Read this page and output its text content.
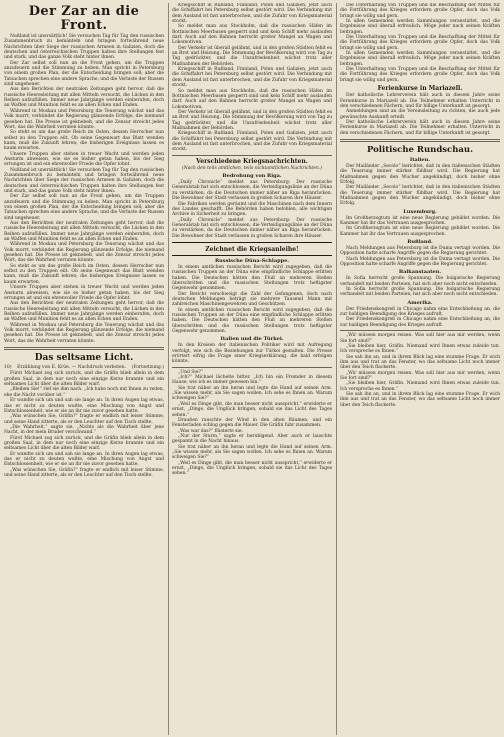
Der Zar an die Front.

Nußland ist unersättlich! Sie versuchen Tag für Tag den russischen Zusammenbruch zu bemänteln und bringen fortwährend neue Nachrichten über Siege der russischen Armeen in Galizien, doch die deutschen und österreichischen Truppen halten ihre Stellungen fest und stark, und das ganze Volk steht hinter ihnen.

Der Zar selbst soll nun an die Front gehen, um die Truppen anzufeuern und die Stimmung zu heben. Man spricht in Petersburg von einem großen Plan, der die Entscheidung bringen soll; aber die Tatsachen sprechen eine andere Sprache, und die Verluste der Russen sind ungeheuer.

Aus den Berichten der neutralen Zeitungen geht hervor, daß die russische Heeresleitung mit allen Mitteln versucht, die Lücken in den Reihen aufzufüllen. Immer neue Jahrgänge werden einberufen, doch an Waffen und Munition fehlt es an allen Ecken und Enden.

Während in Moskau und Petersburg die Teuerung wächst und das Volk murrt, verkündet die Regierung glänzende Erfolge, die niemand gesehen hat. Die Presse ist geknebelt, und die Zensur streicht jedes Wort, das die Wahrheit verraten könnte.

So steht es um das große Reich im Osten, dessen Herrscher nun selbst zu den Truppen eilt. Ob seine Gegenwart das Blatt wenden kann, muß die Zukunft lehren; die bisherigen Ereignisse lassen es kaum erwarten.

Unsere Truppen aber stehen in treuer Wacht und werden jeden Ansturm abweisen, wie sie es bisher getan haben, bis der Sieg errungen ist und ein ehrenvoller Friede die Opfer lohnt.

Nußland ist unersättlich! Sie versuchen Tag für Tag den russischen Zusammenbruch zu bemänteln und bringen fortwährend neue Nachrichten über Siege der russischen Armeen in Galizien, doch die deutschen und österreichischen Truppen halten ihre Stellungen fest und stark, und das ganze Volk steht hinter ihnen.

Der Zar selbst soll nun an die Front gehen, um die Truppen anzufeuern und die Stimmung zu heben. Man spricht in Petersburg von einem großen Plan, der die Entscheidung bringen soll; aber die Tatsachen sprechen eine andere Sprache, und die Verluste der Russen sind ungeheuer.

Aus den Berichten der neutralen Zeitungen geht hervor, daß die russische Heeresleitung mit allen Mitteln versucht, die Lücken in den Reihen aufzufüllen. Immer neue Jahrgänge werden einberufen, doch an Waffen und Munition fehlt es an allen Ecken und Enden.

Während in Moskau und Petersburg die Teuerung wächst und das Volk murrt, verkündet die Regierung glänzende Erfolge, die niemand gesehen hat. Die Presse ist geknebelt, und die Zensur streicht jedes Wort, das die Wahrheit verraten könnte.

So steht es um das große Reich im Osten, dessen Herrscher nun selbst zu den Truppen eilt. Ob seine Gegenwart das Blatt wenden kann, muß die Zukunft lehren; die bisherigen Ereignisse lassen es kaum erwarten.

Unsere Truppen aber stehen in treuer Wacht und werden jeden Ansturm abweisen, wie sie es bisher getan haben, bis der Sieg errungen ist und ein ehrenvoller Friede die Opfer lohnt.

Aus den Berichten der neutralen Zeitungen geht hervor, daß die russische Heeresleitung mit allen Mitteln versucht, die Lücken in den Reihen aufzufüllen. Immer neue Jahrgänge werden einberufen, doch an Waffen und Munition fehlt es an allen Ecken und Enden.

Während in Moskau und Petersburg die Teuerung wächst und das Volk murrt, verkündet die Regierung glänzende Erfolge, die niemand gesehen hat. Die Presse ist geknebelt, und die Zensur streicht jedes Wort, das die Wahrheit verraten könnte.

Das seltsame Licht.
10) Erzählung von E. Krüe. — Nachdruck verboten. (Fortsetzung.)

Fürst Michael zog sich zurück, und die Gräfin blieb allein in dem großen Saal, in dem nur noch eine einzige Kerze brannte und ein seltsames Licht über die alten Bilder warf.

„Bleiben Sie!“ rief sie ihm nach. „Ich habe noch mit Ihnen zu reden, ehe die Nacht vorüber ist.“

Er wandte sich um und sah sie lange an. In ihren Augen lag etwas, das er nicht zu deuten wußte, eine Mischung von Angst und Entschlossenheit, wie er sie an ihr nie zuvor gesehen hatte.

„Was wünschen Sie, Gräfin?“ fragte er endlich mit leiser Stimme, und seine Hand zitterte, als er den Leuchter auf den Tisch stellte.

„Die Wahrheit,“ sagte sie. „Nichts als die Wahrheit über jene Nacht, in der mein Bruder verschwand.“

Fürst Michael zog sich zurück, und die Gräfin blieb allein in dem großen Saal, in dem nur noch eine einzige Kerze brannte und ein seltsames Licht über die alten Bilder warf.

Er wandte sich um und sah sie lange an. In ihren Augen lag etwas, das er nicht zu deuten wußte, eine Mischung von Angst und Entschlossenheit, wie er sie an ihr nie zuvor gesehen hatte.

„Was wünschen Sie, Gräfin?“ fragte er endlich mit leiser Stimme, und seine Hand zitterte, als er den Leuchter auf den Tisch stellte.

Kriegsschiff in Rußland, Finnland, Polen und Galizien, jetzt auch die Schiffahrt bei Petersburg selbst gestört wird. Die Verbindung mit dem Ausland ist fast unterbrochen, und die Zufuhr von Kriegsmaterial stockt.

So meldet man aus Stockholm, daß die russischen Häfen im Bottnischen Meerbusen gesperrt sind und kein Schiff mehr auslaufen darf. Auch auf den Bahnen herrscht großer Mangel an Wagen und Lokomotiven.

Der Verkehr ist überall gelähmt, und in den großen Städten fehlt es an Brot und Heizung. Die Stimmung der Bevölkerung wird von Tag zu Tag gedrückter, und die Unzufriedenheit wächst trotz aller Maßnahmen der Behörden.

Kriegsschiff in Rußland, Finnland, Polen und Galizien, jetzt auch die Schiffahrt bei Petersburg selbst gestört wird. Die Verbindung mit dem Ausland ist fast unterbrochen, und die Zufuhr von Kriegsmaterial stockt.

So meldet man aus Stockholm, daß die russischen Häfen im Bottnischen Meerbusen gesperrt sind und kein Schiff mehr auslaufen darf. Auch auf den Bahnen herrscht großer Mangel an Wagen und Lokomotiven.

Der Verkehr ist überall gelähmt, und in den großen Städten fehlt es an Brot und Heizung. Die Stimmung der Bevölkerung wird von Tag zu Tag gedrückter, und die Unzufriedenheit wächst trotz aller Maßnahmen der Behörden.

Kriegsschiff in Rußland, Finnland, Polen und Galizien, jetzt auch die Schiffahrt bei Petersburg selbst gestört wird. Die Verbindung mit dem Ausland ist fast unterbrochen, und die Zufuhr von Kriegsmaterial stockt.

Verschiedene Kriegsnachrichten.
(Nach den teils amtlichen, teils nichtamtlichen Nachrichten.)
Bedrohung von Riga.

„Daily Chronicle“ meldet aus Petersburg: Der russische Generalstab hat sich entschlossen, die Verteidigungslinie an der Düna zu verstärken, da die Deutschen immer näher an Riga heranrücken. Die Bewohner der Stadt verlassen in großen Scharen ihre Häuser.

Die Fabriken werden geräumt und die Maschinen nach dem Innern des Landes geschafft. Die Behörden haben befohlen, alle wichtigen Archive in Sicherheit zu bringen.

„Daily Chronicle“ meldet aus Petersburg: Der russische Generalstab hat sich entschlossen, die Verteidigungslinie an der Düna zu verstärken, da die Deutschen immer näher an Riga heranrücken. Die Bewohner der Stadt verlassen in großen Scharen ihre Häuser.

Zeichnet die Kriegsanleihe!
Russische Düna-Schlappe.

In einem amtlichen russischen Bericht wird zugegeben, daß die russischen Truppen an der Düna eine empfindliche Schlappe erlitten haben. Die Deutschen hätten den Fluß an mehreren Stellen überschritten und die russischen Stellungen trotz heftigster Gegenwehr genommen.

Der Bericht verschweigt die Zahl der Gefangenen, doch nach deutschen Meldungen beträgt sie mehrere Tausend Mann mit zahlreichen Maschinengewehren und Geschützen.

In einem amtlichen russischen Bericht wird zugegeben, daß die russischen Truppen an der Düna eine empfindliche Schlappe erlitten haben. Die Deutschen hätten den Fluß an mehreren Stellen überschritten und die russischen Stellungen trotz heftigster Gegenwehr genommen.

Italien und die Türkei.

In den Kreisen der italienischen Politiker wird mit Aufregung verfolgt, wie sich die Beziehungen zur Türkei gestalten. Die Presse erörtert eifrig die Frage einer Kriegserklärung, die bald erfolgen könnte.

„Und Sie?“

„Ich?“ Michael lächelte bitter. „Ich bin ein Fremder in diesem Hause, wie ich es immer gewesen bin.“

Sie trat näher an ihn heran und legte die Hand auf seinen Arm. „Sie wissen mehr, als Sie sagen wollen. Ich sehe es Ihnen an. Warum schweigen Sie?“

„Weil es Dinge gibt, die man besser nicht ausspricht,“ erwiderte er ernst, „Dinge, die Unglück bringen, sobald sie das Licht des Tages sehen.“

Draußen rauschte der Wind in den alten Bäumen, und ein Fensterladen schlug gegen die Mauer. Die Gräfin fuhr zusammen.

„Was war das?“ flüsterte sie.

„Nur der Sturm,“ sagte er beruhigend. Aber auch er lauschte gespannt in die Nacht hinaus.

Sie trat näher an ihn heran und legte die Hand auf seinen Arm. „Sie wissen mehr, als Sie sagen wollen. Ich sehe es Ihnen an. Warum schweigen Sie?“

„Weil es Dinge gibt, die man besser nicht ausspricht,“ erwiderte er ernst, „Dinge, die Unglück bringen, sobald sie das Licht des Tages sehen.“

Die Unterhaltung von Truppen und die Beschaffung der Mittel für die Fortführung des Krieges erfordern große Opfer, doch das Volk bringt sie willig und gern.

In allen Gemeinden werden Sammlungen veranstaltet, und die Ergebnisse sind überall erfreulich. Möge jeder nach seinen Kräften beitragen.

Die Unterhaltung von Truppen und die Beschaffung der Mittel für die Fortführung des Krieges erfordern große Opfer, doch das Volk bringt sie willig und gern.

In allen Gemeinden werden Sammlungen veranstaltet, und die Ergebnisse sind überall erfreulich. Möge jeder nach seinen Kräften beitragen.

Die Unterhaltung von Truppen und die Beschaffung der Mittel für die Fortführung des Krieges erfordern große Opfer, doch das Volk bringt sie willig und gern.

Ferienkurse in Mariazell.

Der katholische Lehrerverein hält auch in diesem Jahre seine Ferienkurse in Mariazell ab. Die Teilnehmer erhalten Unterricht in den verschiedenen Fächern, und für billige Unterkunft ist gesorgt.

Anmeldungen sind an die Vereinsleitung zu richten, die auch jede gewünschte Auskunft erteilt.

Der katholische Lehrerverein hält auch in diesem Jahre seine Ferienkurse in Mariazell ab. Die Teilnehmer erhalten Unterricht in den verschiedenen Fächern, und für billige Unterkunft ist gesorgt.

Politische Rundschau.
Italien.

Der Mailänder „Secolo“ berichtet, daß in den italienischen Städten die Teuerung immer stärker fühlbar wird. Die Regierung hat Maßnahmen gegen den Wucher angekündigt, doch bisher ohne Erfolg.

Der Mailänder „Secolo“ berichtet, daß in den italienischen Städten die Teuerung immer stärker fühlbar wird. Die Regierung hat Maßnahmen gegen den Wucher angekündigt, doch bisher ohne Erfolg.

Luxemburg.

Im Großherzogtum ist eine neue Regierung gebildet worden. Die Kammer hat ihr das Vertrauen ausgesprochen.

Im Großherzogtum ist eine neue Regierung gebildet worden. Die Kammer hat ihr das Vertrauen ausgesprochen.

Rußland.

Nach Meldungen aus Petersburg ist die Duma vertagt worden. Die Opposition hatte scharfe Angriffe gegen die Regierung gerichtet.

Nach Meldungen aus Petersburg ist die Duma vertagt worden. Die Opposition hatte scharfe Angriffe gegen die Regierung gerichtet.

Balkanstaaten.

In Sofia herrscht große Spannung. Die bulgarische Regierung verhandelt mit beiden Parteien, hat sich aber noch nicht entschieden.

In Sofia herrscht große Spannung. Die bulgarische Regierung verhandelt mit beiden Parteien, hat sich aber noch nicht entschieden.

Amerika.

Der Friedenskongreß in Chicago nahm eine Entschließung an, die zur baldigen Beendigung des Krieges aufruft.

Der Friedenskongreß in Chicago nahm eine Entschließung an, die zur baldigen Beendigung des Krieges aufruft.

„Wir müssen morgen reisen. Was soll hier aus mir werden, wenn Sie fort sind?“

„Sie bleiben hier, Gräfin. Niemand wird Ihnen etwas zuleide tun. Ich verspreche es Ihnen.“

Sie sah ihn an, und in ihrem Blick lag eine stumme Frage. Er wich ihm aus und trat an das Fenster, wo das seltsame Licht noch immer über den Teich flackerte.

„Wir müssen morgen reisen. Was soll hier aus mir werden, wenn Sie fort sind?“

„Sie bleiben hier, Gräfin. Niemand wird Ihnen etwas zuleide tun. Ich verspreche es Ihnen.“

Sie sah ihn an, und in ihrem Blick lag eine stumme Frage. Er wich ihm aus und trat an das Fenster, wo das seltsame Licht noch immer über den Teich flackerte.
